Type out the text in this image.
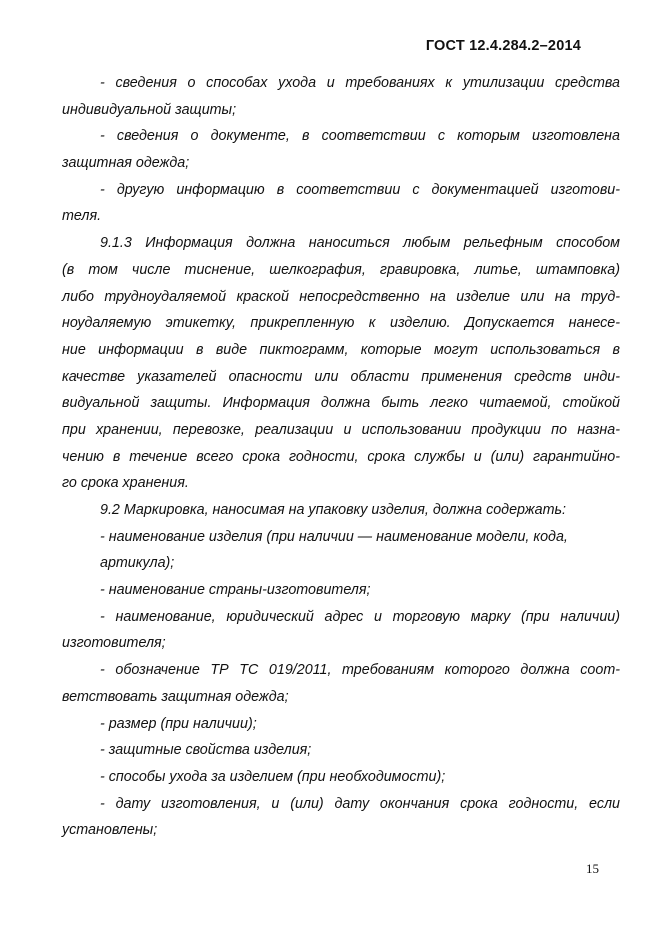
ГОСТ 12.4.284.2–2014
- сведения о способах ухода и требованиях к утилизации средства
индивидуальной защиты;
- сведения о документе, в соответствии с которым изготовлена
защитная одежда;
- другую информацию в соответствии с документацией изготови-
теля.
9.1.3 Информация должна наноситься любым рельефным способом
(в том числе тиснение, шелкография, гравировка, литье, штамповка)
либо трудноудаляемой краской непосредственно на изделие или на труд-
ноудаляемую этикетку, прикрепленную к изделию. Допускается нанесе-
ние информации в виде пиктограмм, которые могут использоваться в
качестве указателей опасности или области применения средств инди-
видуальной защиты. Информация должна быть легко читаемой, стойкой
при хранении, перевозке, реализации и использовании продукции по назна-
чению в течение всего срока годности, срока службы и (или) гарантийно-
го срока хранения.
9.2 Маркировка, наносимая на упаковку изделия, должна содержать:
- наименование изделия (при наличии — наименование модели, кода,
артикула);
- наименование страны-изготовителя;
- наименование, юридический адрес и торговую марку (при наличии)
изготовителя;
- обозначение ТР ТС 019/2011, требованиям которого должна соот-
ветствовать защитная одежда;
- размер (при наличии);
- защитные свойства изделия;
- способы ухода за изделием (при необходимости);
- дату изготовления, и (или) дату окончания срока годности, если
установлены;
15
